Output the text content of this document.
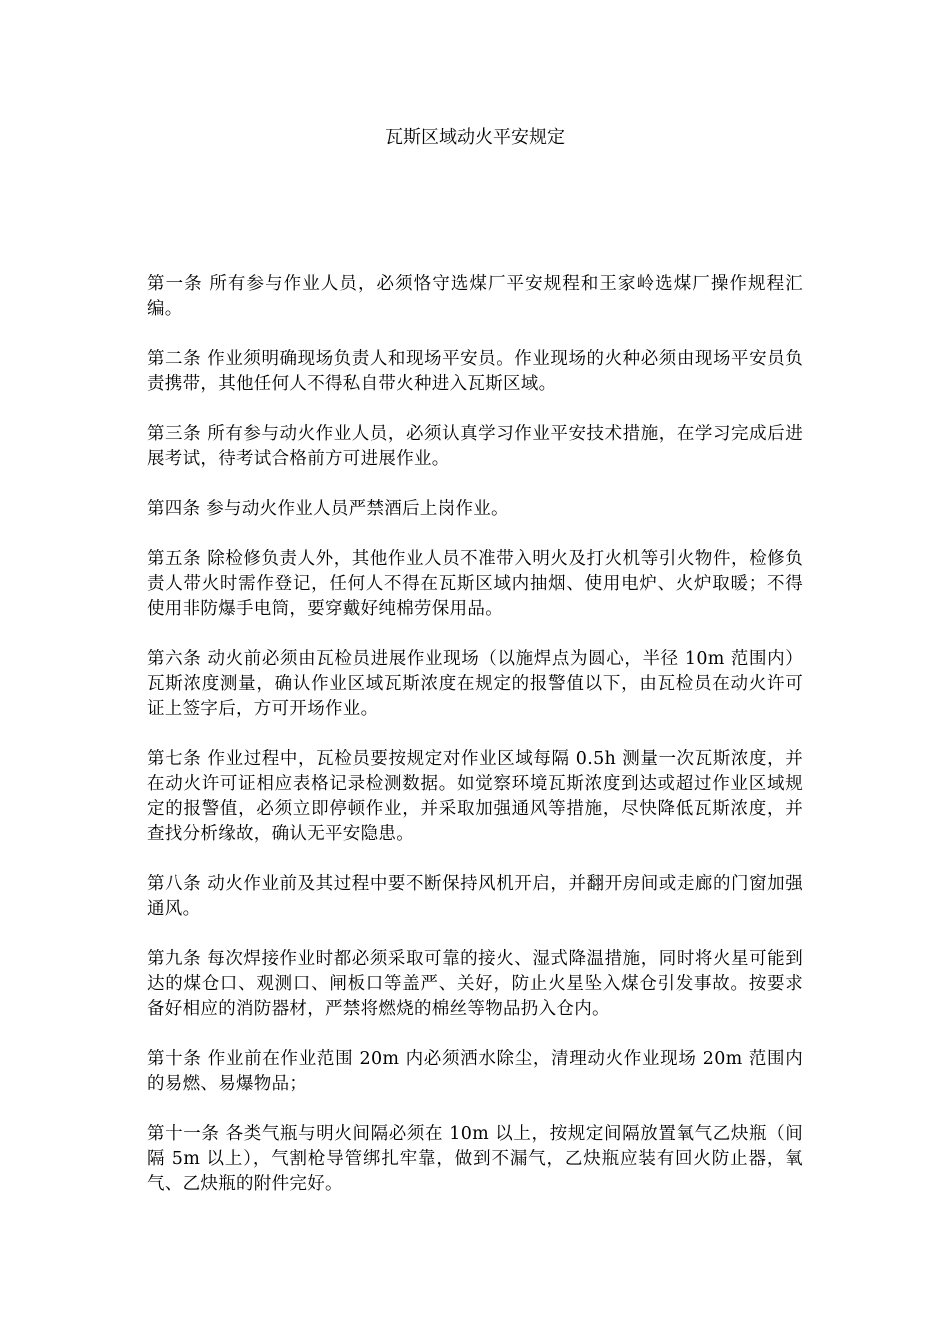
瓦斯区域动火平安规定

第一条 所有参与作业人员，必须恪守选煤厂平安规程和王家岭选煤厂操作规程汇编。

第二条 作业须明确现场负责人和现场平安员。作业现场的火种必须由现场平安员负责携带，其他任何人不得私自带火种进入瓦斯区域。

第三条 所有参与动火作业人员，必须认真学习作业平安技术措施，在学习完成后进展考试，待考试合格前方可进展作业。

第四条 参与动火作业人员严禁酒后上岗作业。

第五条 除检修负责人外，其他作业人员不准带入明火及打火机等引火物件，检修负责人带火时需作登记，任何人不得在瓦斯区域内抽烟、使用电炉、火炉取暖；不得使用非防爆手电筒，要穿戴好纯棉劳保用品。

第六条 动火前必须由瓦检员进展作业现场（以施焊点为圆心，半径 10m 范围内）瓦斯浓度测量，确认作业区域瓦斯浓度在规定的报警值以下，由瓦检员在动火许可证上签字后，方可开场作业。

第七条 作业过程中，瓦检员要按规定对作业区域每隔 0.5h 测量一次瓦斯浓度，并在动火许可证相应表格记录检测数据。如觉察环境瓦斯浓度到达或超过作业区域规定的报警值，必须立即停顿作业，并采取加强通风等措施，尽快降低瓦斯浓度，并查找分析缘故，确认无平安隐患。

第八条 动火作业前及其过程中要不断保持风机开启，并翻开房间或走廊的门窗加强通风。

第九条 每次焊接作业时都必须采取可靠的接火、湿式降温措施，同时将火星可能到达的煤仓口、观测口、闸板口等盖严、关好，防止火星坠入煤仓引发事故。按要求备好相应的消防器材，严禁将燃烧的棉丝等物品扔入仓内。

第十条 作业前在作业范围 20m 内必须洒水除尘，清理动火作业现场 20m 范围内的易燃、易爆物品；

第十一条 各类气瓶与明火间隔必须在 10m 以上，按规定间隔放置氧气乙炔瓶（间隔 5m 以上），气割枪导管绑扎牢靠，做到不漏气，乙炔瓶应装有回火防止器，氧气、乙炔瓶的附件完好。
